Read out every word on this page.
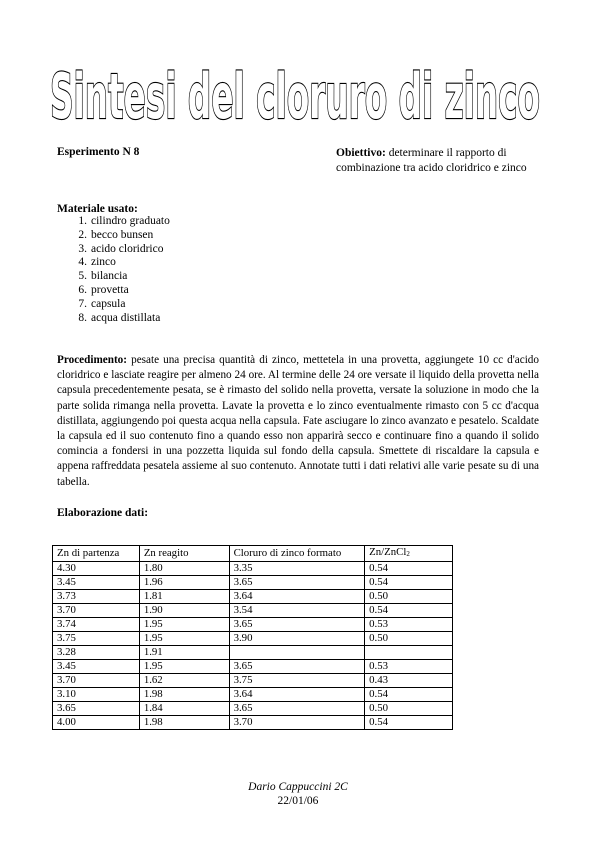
Sintesi del cloruro di zinco
Esperimento N 8	Obiettivo: determinare il rapporto di combinazione tra acido cloridrico e zinco
Materiale usato:
1. cilindro graduato
2. becco bunsen
3. acido cloridrico
4. zinco
5. bilancia
6. provetta
7. capsula
8. acqua distillata

Procedimento: pesate una precisa quantità di zinco, mettetela in una provetta, aggiungete 10 cc d'acido cloridrico e lasciate reagire per almeno 24 ore. Al termine delle 24 ore versate il liquido della provetta nella capsula precedentemente pesata, se è rimasto del solido nella provetta, versate la soluzione in modo che la parte solida rimanga nella provetta. Lavate la provetta e lo zinco eventualmente rimasto con 5 cc d'acqua distillata, aggiungendo poi questa acqua nella capsula. Fate asciugare lo zinco avanzato e pesatelo. Scaldate la capsula ed il suo contenuto fino a quando esso non apparirà secco e continuare fino a quando il solido comincia a fondersi in una pozzetta liquida sul fondo della capsula. Smettete di riscaldare la capsula e appena raffreddata pesatela assieme al suo contenuto. Annotate tutti i dati relativi alle varie pesate su di una tabella.

Elaborazione dati:
Zn di partenza	Zn reagito	Cloruro di zinco formato	Zn/ZnCl$_2$
4.30	1.80	3.35	0.54
3.45	1.96	3.65	0.54
3.73	1.81	3.64	0.50
3.70	1.90	3.54	0.54
3.74	1.95	3.65	0.53
3.75	1.95	3.90	0.50
3.28	1.91		
3.45	1.95	3.65	0.53
3.70	1.62	3.75	0.43
3.10	1.98	3.64	0.54
3.65	1.84	3.65	0.50
4.00	1.98	3.70	0.54
Dario Cappuccini 2C
22/01/06
